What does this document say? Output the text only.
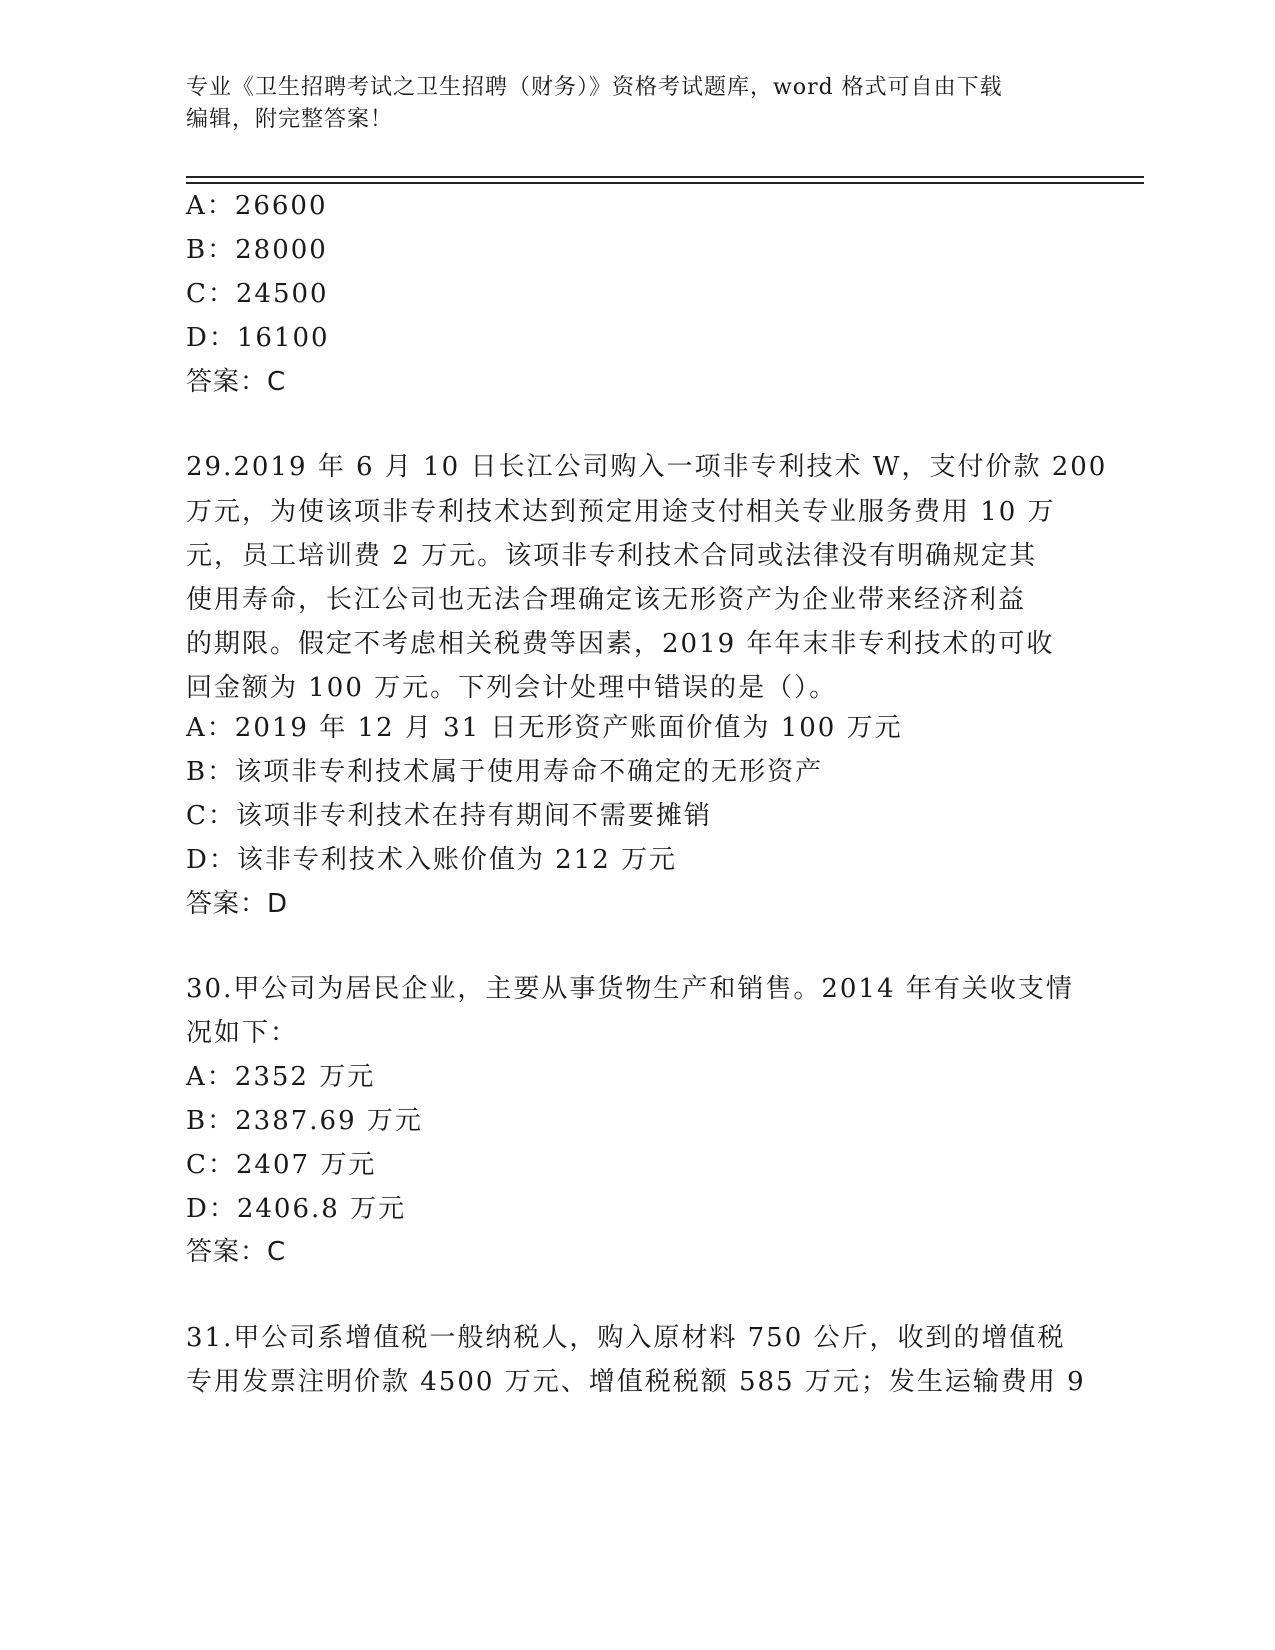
专业《卫生招聘考试之卫生招聘（财务）》资格考试题库，word 格式可自由下载
编辑，附完整答案！
A：26600
B：28000
C：24500
D：16100
答案：C
29.2019 年 6 月 10 日长江公司购入一项非专利技术 W，支付价款 200
万元，为使该项非专利技术达到预定用途支付相关专业服务费用 10 万
元，员工培训费 2 万元。该项非专利技术合同或法律没有明确规定其
使用寿命，长江公司也无法合理确定该无形资产为企业带来经济利益
的期限。假定不考虑相关税费等因素，2019 年年末非专利技术的可收
回金额为 100 万元。下列会计处理中错误的是（）。
A：2019 年 12 月 31 日无形资产账面价值为 100 万元
B：该项非专利技术属于使用寿命不确定的无形资产
C：该项非专利技术在持有期间不需要摊销
D：该非专利技术入账价值为 212 万元
答案：D
30.甲公司为居民企业，主要从事货物生产和销售。2014 年有关收支情
况如下：
A：2352 万元
B：2387.69 万元
C：2407 万元
D：2406.8 万元
答案：C
31.甲公司系增值税一般纳税人，购入原材料 750 公斤，收到的增值税
专用发票注明价款 4500 万元、增值税税额 585 万元；发生运输费用 9
